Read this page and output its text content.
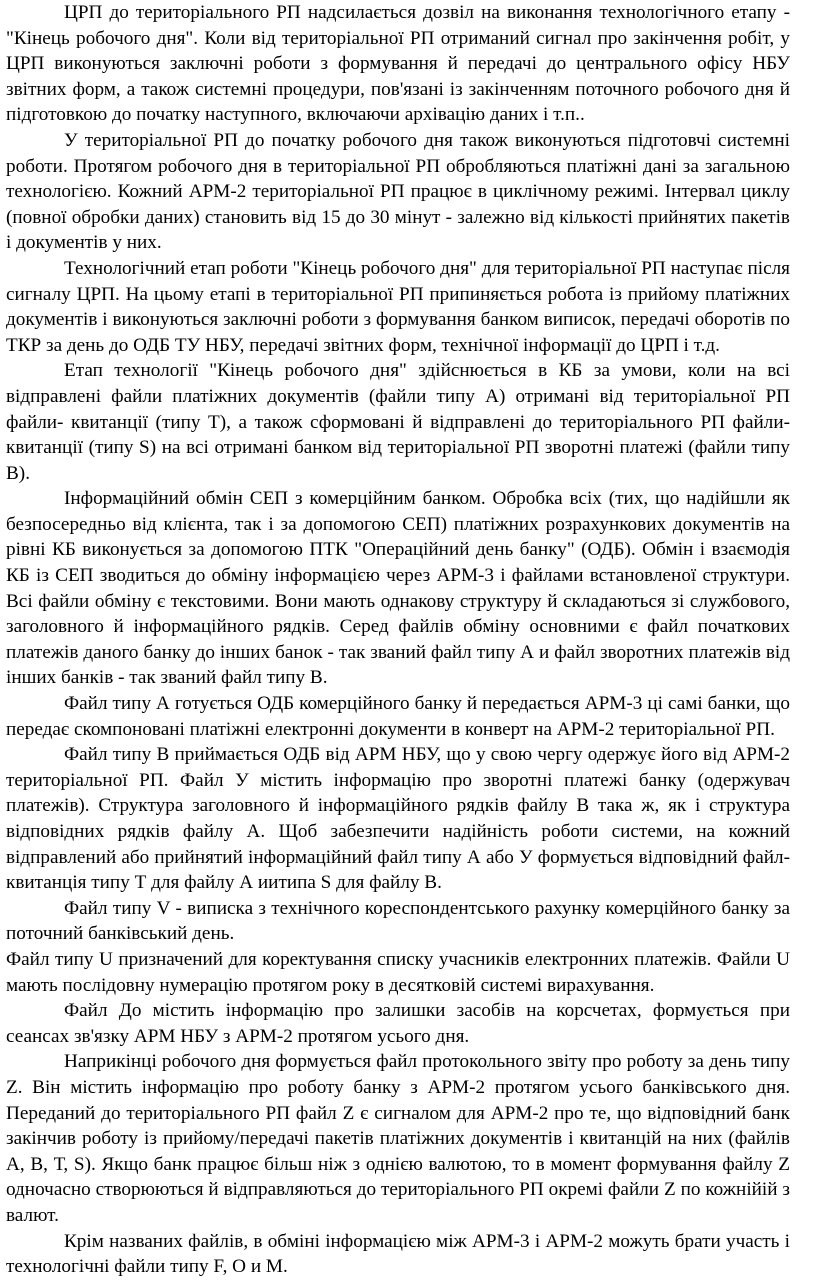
ЦРП до територіального РП надсилається дозвіл на виконання технологічного етапу - "Кінець робочого дня". Коли від територіальної РП отриманий сигнал про закінчення робіт, у ЦРП виконуються заключні роботи з формування й передачі до центрального офісу НБУ звітних форм, а також системні процедури, пов'язані із закінченням поточного робочого дня й підготовкою до початку наступного, включаючи архівацію даних і т.п..

У територіальної РП до початку робочого дня також виконуються підготовчі системні роботи. Протягом робочого дня в територіальної РП обробляються платіжні дані за загальною технологією. Кожний АРМ-2 територіальної РП працює в циклічному режимі. Інтервал циклу (повної обробки даних) становить від 15 до 30 мінут - залежно від кількості прийнятих пакетів і документів у них.

Технологічний етап роботи "Кінець робочого дня" для територіальної РП наступає після сигналу ЦРП. На цьому етапі в територіальної РП припиняється робота із прийому платіжних документів і виконуються заключні роботи з формування банком виписок, передачі оборотів по ТКР за день до ОДБ ТУ НБУ, передачі звітних форм, технічної інформації до ЦРП і т.д.

Етап технології "Кінець робочого дня" здійснюється в КБ за умови, коли на всі відправлені файли платіжних документів (файли типу А) отримані від територіальної РП файли- квитанції (типу Т), а також сформовані й відправлені до територіального РП файли-квитанції (типу S) на всі отримані банком від територіальної РП зворотні платежі (файли типу В).

Інформаційний обмін СЕП з комерційним банком. Обробка всіх (тих, що надійшли як безпосередньо від клієнта, так і за допомогою СЕП) платіжних розрахункових документів на рівні КБ виконується за допомогою ПТК "Операційний день банку" (ОДБ). Обмін і взаємодія КБ із СЕП зводиться до обміну інформацією через АРМ-3 і файлами встановленої структури. Всі файли обміну є текстовими. Вони мають однакову структуру й складаються зі службового, заголовного й інформаційного рядків. Серед файлів обміну основними є файл початкових платежів даного банку до інших банок - так званий файл типу А и файл зворотних платежів від інших банків - так званий файл типу В.

Файл типу А готується ОДБ комерційного банку й передається АРМ-3 ці самі банки, що передає скомпоновані платіжні електронні документи в конверт на АРМ-2 територіальної РП.

Файл типу В приймається ОДБ від АРМ НБУ, що у свою чергу одержує його від АРМ-2 територіальної РП. Файл У містить інформацію про зворотні платежі банку (одержувач платежів). Структура заголовного й інформаційного рядків файлу В така ж, як і структура відповідних рядків файлу А. Щоб забезпечити надійність роботи системи, на кожний відправлений або прийнятий інформаційний файл типу А або У формується відповідний файл- квитанція типу Т для файлу А иитипа S для файлу В.

Файл типу V - виписка з технічного кореспондентського рахунку комерційного банку за поточний банківський день.

Файл типу U призначений для коректування списку учасників електронних платежів. Файли U мають послідовну нумерацію протягом року в десятковій системі вирахування.

Файл До містить інформацію про залишки засобів на корсчетах, формується при сеансах зв'язку АРМ НБУ з АРМ-2 протягом усього дня.

Наприкінці робочого дня формується файл протокольного звіту про роботу за день типу Z. Він містить інформацію про роботу банку з АРМ-2 протягом усього банківського дня. Переданий до територіального РП файл Z є сигналом для АРМ-2 про те, що відповідний банк закінчив роботу із прийому/передачі пакетів платіжних документів і квитанцій на них (файлів А, В, Т, S). Якщо банк працює більш ніж з однією валютою, то в момент формування файлу Z одночасно створюються й відправляються до територіального РП окремі файли Z по кожнійій з валют.

Крім названих файлів, в обміні інформацією між АРМ-3 і АРМ-2 можуть брати участь і технологічні файли типу F, О и М.
